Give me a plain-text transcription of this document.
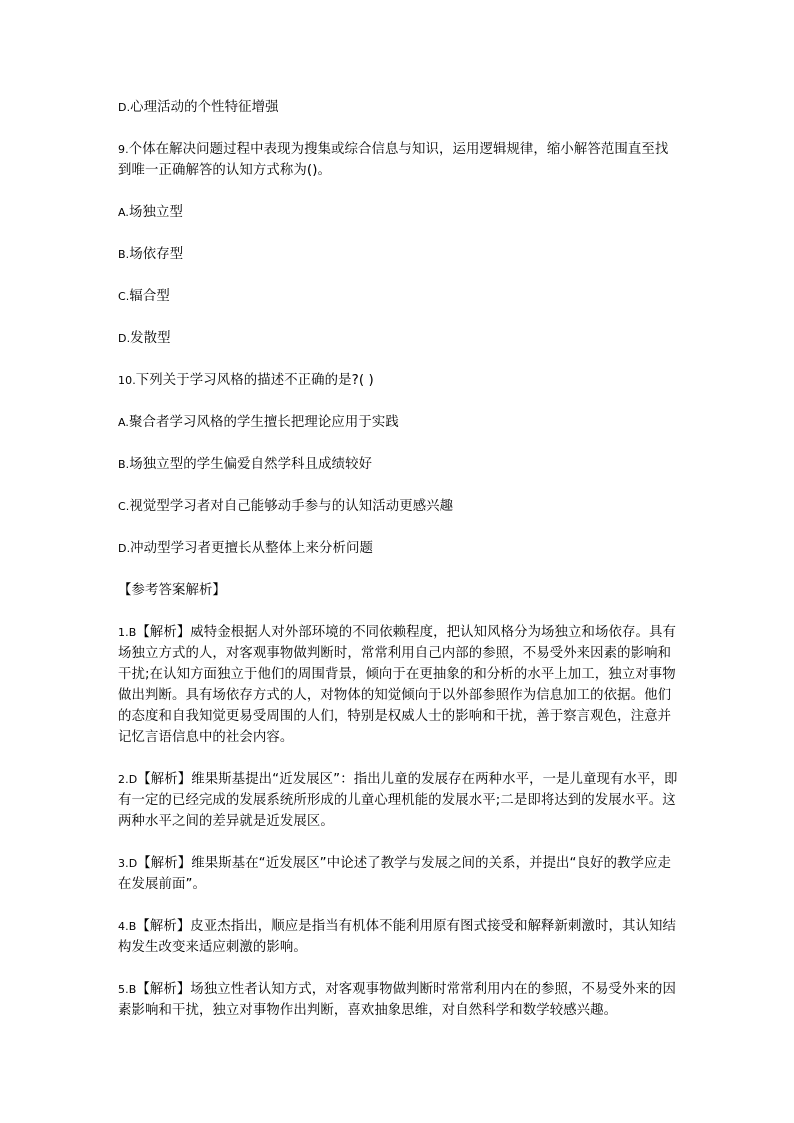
D.心理活动的个性特征增强

9.个体在解决问题过程中表现为搜集或综合信息与知识，运用逻辑规律，缩小解答范围直至找到唯一正确解答的认知方式称为()。

A.场独立型

B.场依存型

C.辐合型

D.发散型

10.下列关于学习风格的描述不正确的是?( )

A.聚合者学习风格的学生擅长把理论应用于实践

B.场独立型的学生偏爱自然学科且成绩较好

C.视觉型学习者对自己能够动手参与的认知活动更感兴趣

D.冲动型学习者更擅长从整体上来分析问题

【参考答案解析】

1.B【解析】威特金根据人对外部环境的不同依赖程度，把认知风格分为场独立和场依存。具有场独立方式的人，对客观事物做判断时，常常利用自己内部的参照，不易受外来因素的影响和干扰;在认知方面独立于他们的周围背景，倾向于在更抽象的和分析的水平上加工，独立对事物做出判断。具有场依存方式的人，对物体的知觉倾向于以外部参照作为信息加工的依据。他们的态度和自我知觉更易受周围的人们，特别是权威人士的影响和干扰，善于察言观色，注意并记忆言语信息中的社会内容。

2.D【解析】维果斯基提出“近发展区”：指出儿童的发展存在两种水平，一是儿童现有水平，即有一定的已经完成的发展系统所形成的儿童心理机能的发展水平;二是即将达到的发展水平。这两种水平之间的差异就是近发展区。

3.D【解析】维果斯基在“近发展区”中论述了教学与发展之间的关系，并提出“良好的教学应走在发展前面”。

4.B【解析】皮亚杰指出，顺应是指当有机体不能利用原有图式接受和解释新刺激时，其认知结构发生改变来适应刺激的影响。

5.B【解析】场独立性者认知方式，对客观事物做判断时常常利用内在的参照，不易受外来的因素影响和干扰，独立对事物作出判断，喜欢抽象思维，对自然科学和数学较感兴趣。
